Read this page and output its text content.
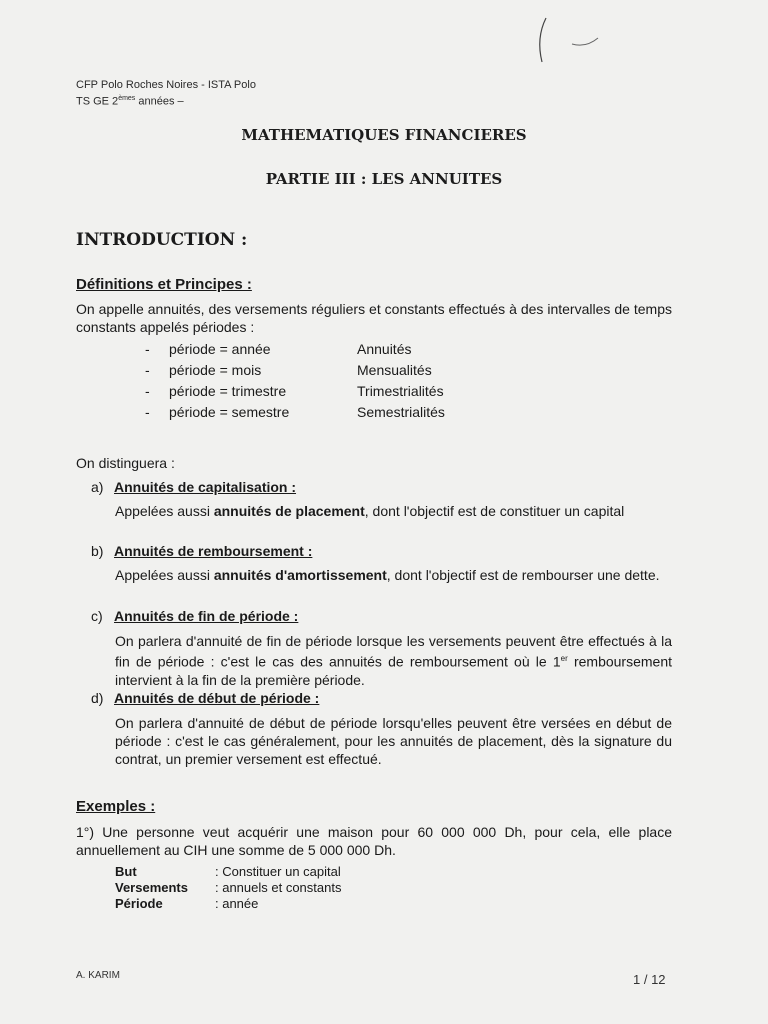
CFP Polo Roches Noires - ISTA Polo
TS GE 2èmes années –
MATHEMATIQUES FINANCIERES
PARTIE III : LES ANNUITES
INTRODUCTION :
Définitions et Principes :
On appelle annuités, des versements réguliers et constants effectués à des intervalles de temps constants appelés périodes :
-	période = année	Annuités
-	période = mois	Mensualités
-	période = trimestre	Trimestrialités
-	période = semestre	Semestrialités
On distinguera :
a) Annuités de capitalisation :
Appelées aussi annuités de placement, dont l'objectif est de constituer un capital
b) Annuités de remboursement :
Appelées aussi annuités d'amortissement, dont l'objectif est de rembourser une dette.
c) Annuités de fin de période :
On parlera d'annuité de fin de période lorsque les versements peuvent être effectués à la fin de période : c'est le cas des annuités de remboursement où le 1er remboursement intervient à la fin de la première période.
d) Annuités de début de période :
On parlera d'annuité de début de période lorsqu'elles peuvent être versées en début de période : c'est le cas généralement, pour les annuités de placement, dès la signature du contrat, un premier versement est effectué.
Exemples :
1°) Une personne veut acquérir une maison pour 60 000 000 Dh, pour cela, elle place annuellement au CIH une somme de 5 000 000 Dh.
But	: Constituer un capital
Versements	: annuels et constants
Période	: année
A. KARIM	1 / 12
